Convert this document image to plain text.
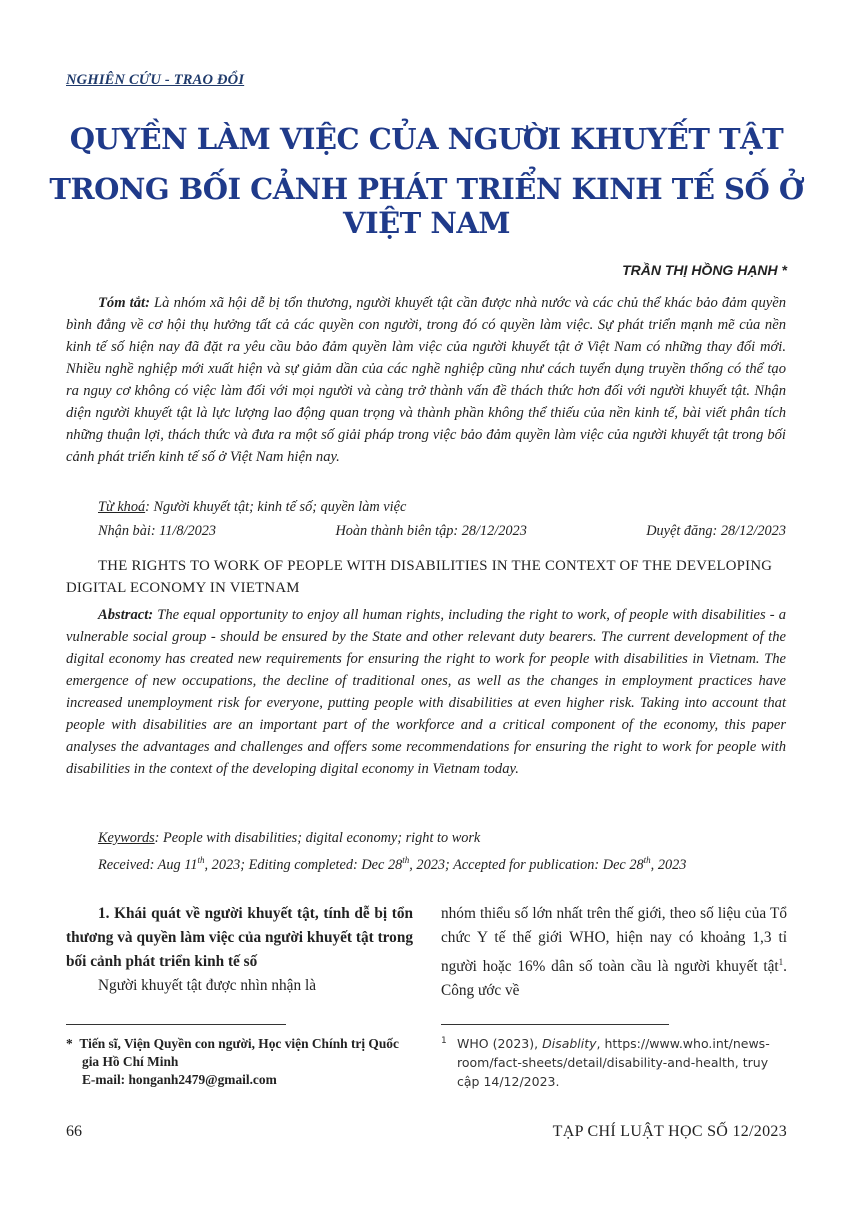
NGHIÊN CỨU - TRAO ĐỔI
QUYỀN LÀM VIỆC CỦA NGƯỜI KHUYẾT TẬT
TRONG BỐI CẢNH PHÁT TRIỂN KINH TẾ SỐ Ở VIỆT NAM
TRẦN THỊ HỒNG HẠNH *
Tóm tắt: Là nhóm xã hội dễ bị tổn thương, người khuyết tật cần được nhà nước và các chủ thể khác bảo đảm quyền bình đẳng về cơ hội thụ hưởng tất cả các quyền con người, trong đó có quyền làm việc. Sự phát triển mạnh mẽ của nền kinh tế số hiện nay đã đặt ra yêu cầu bảo đảm quyền làm việc của người khuyết tật ở Việt Nam có những thay đổi mới. Nhiều nghề nghiệp mới xuất hiện và sự giảm dần của các nghề nghiệp cũng như cách tuyển dụng truyền thống có thể tạo ra nguy cơ không có việc làm đối với mọi người và càng trở thành vấn đề thách thức hơn đối với người khuyết tật. Nhận diện người khuyết tật là lực lượng lao động quan trọng và thành phần không thể thiếu của nền kinh tế, bài viết phân tích những thuận lợi, thách thức và đưa ra một số giải pháp trong việc bảo đảm quyền làm việc của người khuyết tật trong bối cảnh phát triển kinh tế số ở Việt Nam hiện nay.
Từ khoá: Người khuyết tật; kinh tế số; quyền làm việc
Nhận bài: 11/8/2023	Hoàn thành biên tập: 28/12/2023	Duyệt đăng: 28/12/2023
THE RIGHTS TO WORK OF PEOPLE WITH DISABILITIES IN THE CONTEXT OF THE DEVELOPING DIGITAL ECONOMY IN VIETNAM
Abstract: The equal opportunity to enjoy all human rights, including the right to work, of people with disabilities - a vulnerable social group - should be ensured by the State and other relevant duty bearers. The current development of the digital economy has created new requirements for ensuring the right to work for people with disabilities in Vietnam. The emergence of new occupations, the decline of traditional ones, as well as the changes in employment practices have increased unemployment risk for everyone, putting people with disabilities at even higher risk. Taking into account that people with disabilities are an important part of the workforce and a critical component of the economy, this paper analyses the advantages and challenges and offers some recommendations for ensuring the right to work for people with disabilities in the context of the developing digital economy in Vietnam today.
Keywords: People with disabilities; digital economy; right to work
Received: Aug 11th, 2023; Editing completed: Dec 28th, 2023; Accepted for publication: Dec 28th, 2023
1. Khái quát về người khuyết tật, tính dễ bị tổn thương và quyền làm việc của người khuyết tật trong bối cảnh phát triển kinh tế số
Người khuyết tật được nhìn nhận là
nhóm thiểu số lớn nhất trên thế giới, theo số liệu của Tổ chức Y tế thế giới WHO, hiện nay có khoảng 1,3 tỉ người hoặc 16% dân số toàn cầu là người khuyết tật$^1$. Công ước về
* Tiến sĩ, Viện Quyền con người, Học viện Chính trị Quốc gia Hồ Chí Minh
E-mail: honganh2479@gmail.com
1 WHO (2023), Disablity, https://www.who.int/news-room/fact-sheets/detail/disability-and-health, truy cập 14/12/2023.
66	TẠP CHÍ LUẬT HỌC SỐ 12/2023
